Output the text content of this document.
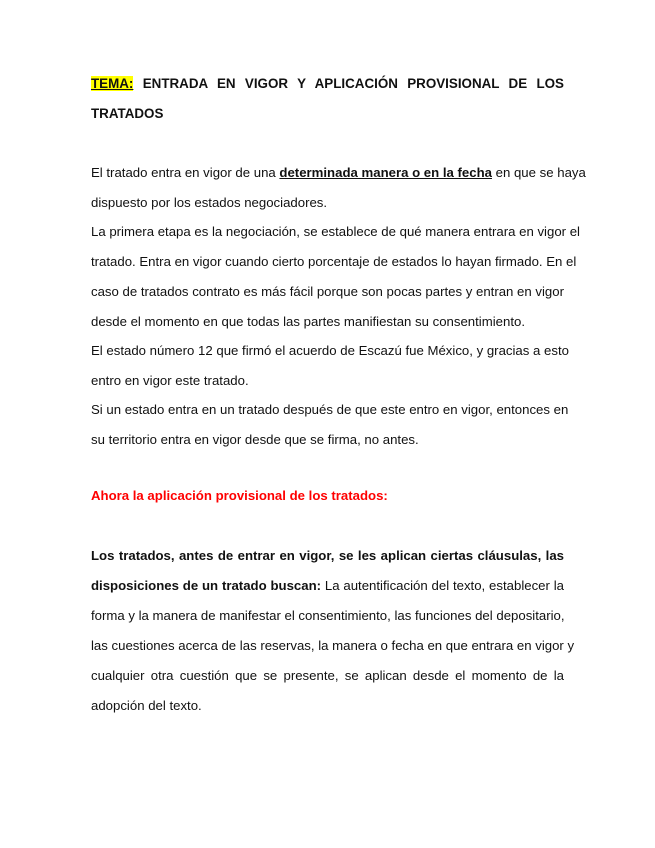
TEMA: ENTRADA EN VIGOR Y APLICACIÓN PROVISIONAL DE LOS
TRATADOS
El tratado entra en vigor de una determinada manera o en la fecha en que se haya
dispuesto por los estados negociadores.
La primera etapa es la negociación, se establece de qué manera entrara en vigor el
tratado. Entra en vigor cuando cierto porcentaje de estados lo hayan firmado. En el
caso de tratados contrato es más fácil porque son pocas partes y entran en vigor
desde el momento en que todas las partes manifiestan su consentimiento.
El estado número 12 que firmó el acuerdo de Escazú fue México, y gracias a esto
entro en vigor este tratado.
Si un estado entra en un tratado después de que este entro en vigor, entonces en
su territorio entra en vigor desde que se firma, no antes.
Ahora la aplicación provisional de los tratados:
Los tratados, antes de entrar en vigor, se les aplican ciertas cláusulas, las
disposiciones de un tratado buscan: La autentificación del texto, establecer la
forma y la manera de manifestar el consentimiento, las funciones del depositario,
las cuestiones acerca de las reservas, la manera o fecha en que entrara en vigor y
cualquier otra cuestión que se presente, se aplican desde el momento de la
adopción del texto.
